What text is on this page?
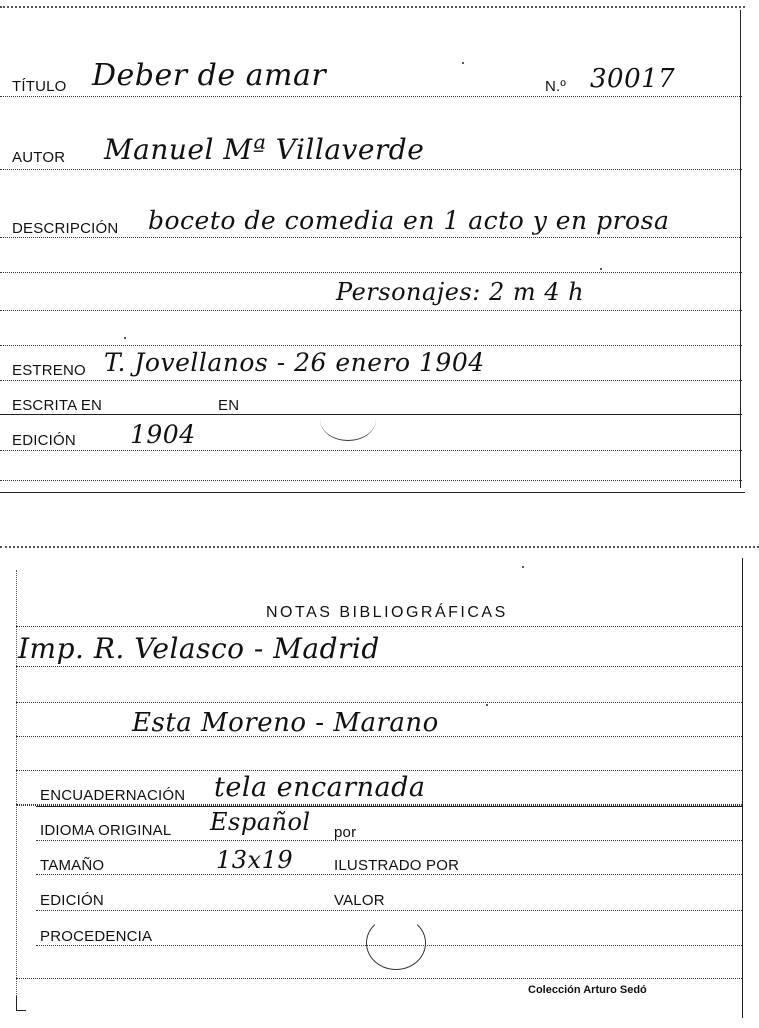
TÍTULO Deber de amar	N.º 30017
AUTOR Manuel Mª Villaverde
DESCRIPCIÓN boceto de comedia en 1 acto y en prosa
Personajes: 2 m 4 h
ESTRENO T. Jovellanos - 26 enero 1904
ESCRITA EN	EN
EDICIÓN 1904
NOTAS BIBLIOGRÁFICAS
Imp. R. Velasco - Madrid
Esta Moreno - Marano
ENCUADERNACIÓN tela encarnada
IDIOMA ORIGINAL Español por
TAMAÑO	13x19	ILUSTRADO POR
EDICIÓN	VALOR
PROCEDENCIA
Colección Arturo Sedó
